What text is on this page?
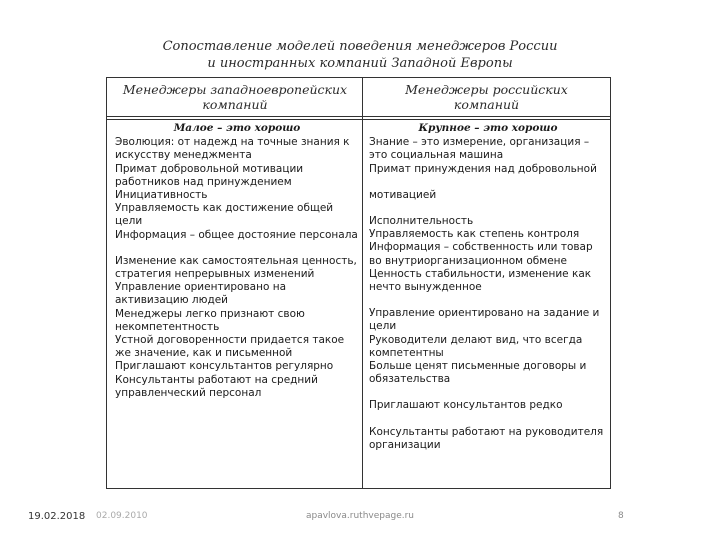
Сопоставление моделей поведения менеджеров России
и иностранных компаний Западной Европы
Менеджеры западноевропейских
компаний
Менеджеры российских
компаний
Малое – это хорошо
Эволюция: от надежд на точные знания к искусству менеджмента
Примат добровольной мотивации работников над принуждением
Инициативность
Управляемость как достижение общей цели
Информация – общее достояние персонала
Изменение как самостоятельная ценность, стратегия непрерывных изменений
Управление ориентировано на активизацию людей
Менеджеры легко признают свою некомпетентность
Устной договоренности придается такое же значение, как и письменной
Приглашают консультантов регулярно
Консультанты работают на средний управленческий персонал
Крупное – это хорошо
Знание – это измерение, организация – это социальная машина
Примат принуждения над добровольной
мотивацией
Исполнительность
Управляемость как степень контроля
Информация – собственность или товар во внутриорганизационном обмене
Ценность стабильности, изменение как нечто вынужденное
Управление ориентировано на задание и цели
Руководители делают вид, что всегда компетентны
Больше ценят письменные договоры и обязательства
Приглашают консультантов редко
Консультанты работают на руководителя организации
19.02.2018 02.09.2010	apavlova.ruthvepage.ru	8
